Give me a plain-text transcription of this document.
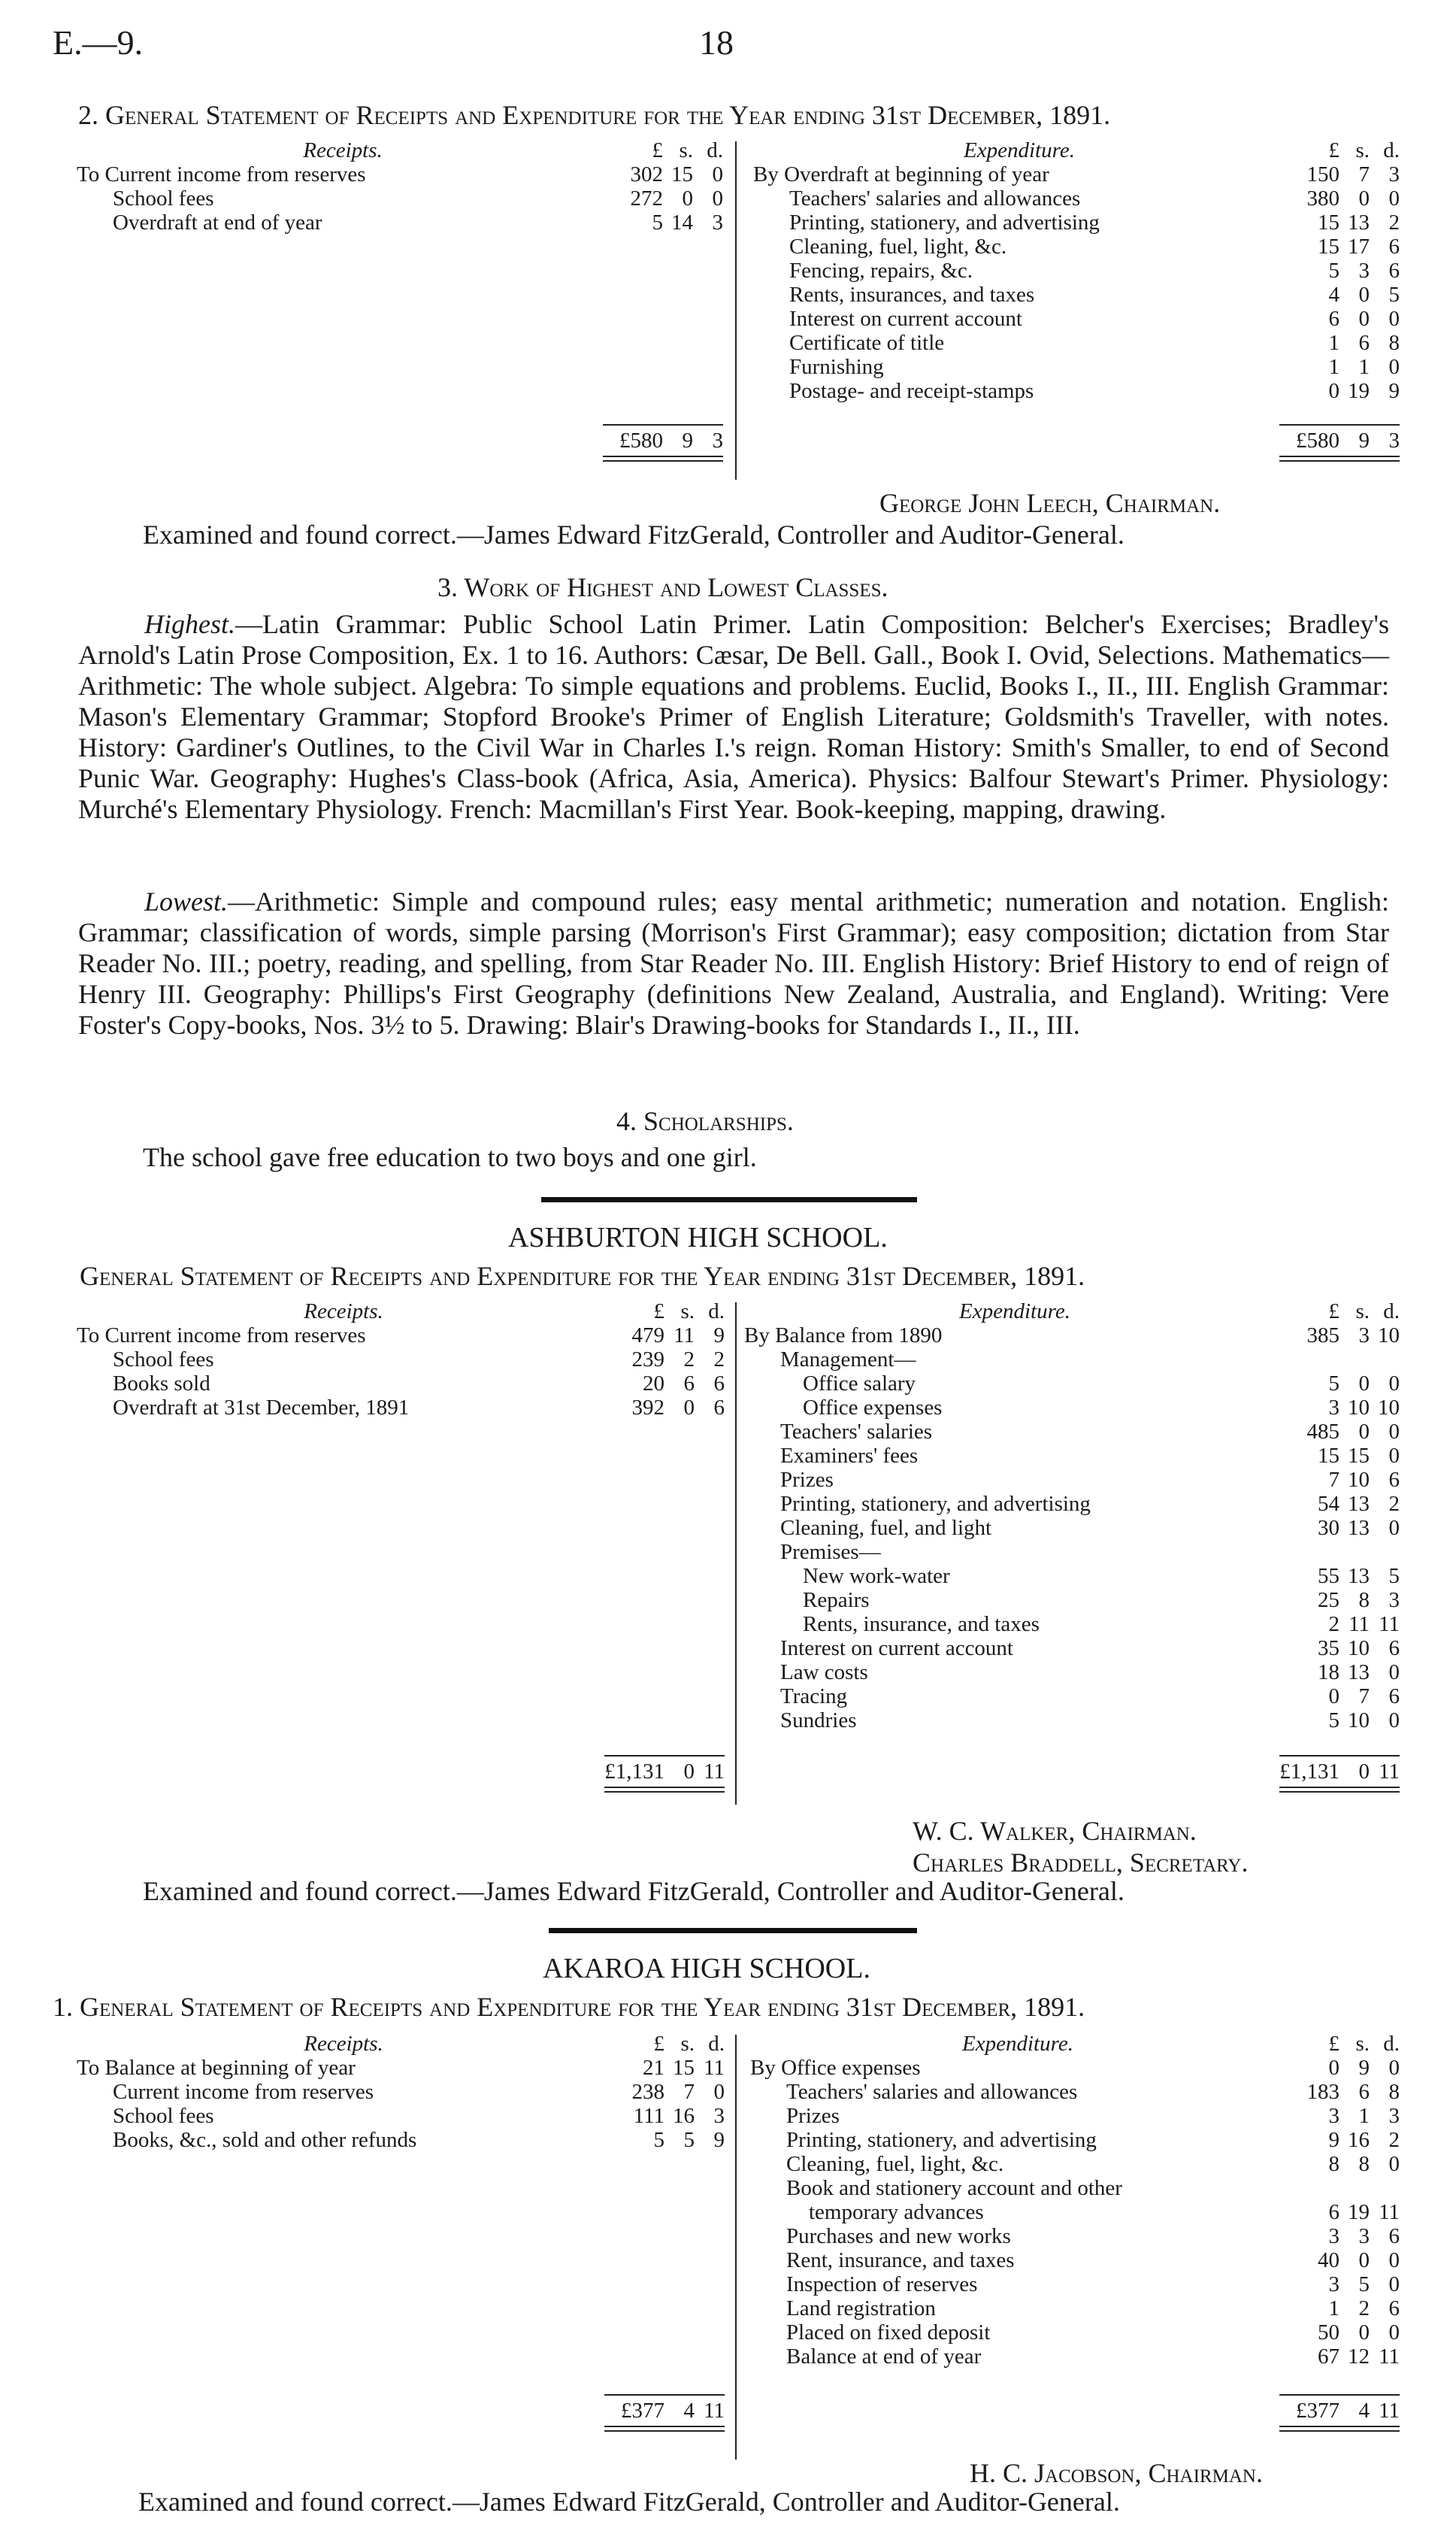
E.—9.	18
2. General Statement of Receipts and Expenditure for the Year ending 31st December, 1891.
Receipts.	£ s. d.
To Current income from reserves	302 15 0
School fees	272 0 0
Overdraft at end of year	5 14 3
£580 9 3
Expenditure.	£ s. d.
By Overdraft at beginning of year	150 7 3
Teachers' salaries and allowances	380 0 0
Printing, stationery, and advertising	15 13 2
Cleaning, fuel, light, &c.	15 17 6
Fencing, repairs, &c.	5 3 6
Rents, insurances, and taxes	4 0 5
Interest on current account	6 0 0
Certificate of title	1 6 8
Furnishing	1 1 0
Postage- and receipt-stamps	0 19 9
£580 9 3
George John Leech, Chairman.
Examined and found correct.—James Edward FitzGerald, Controller and Auditor-General.
3. Work of Highest and Lowest Classes.
Highest.—Latin Grammar: Public School Latin Primer. Latin Composition: Belcher's Exercises; Bradley's Arnold's Latin Prose Composition, Ex. 1 to 16. Authors: Cæsar, De Bell. Gall., Book I. Ovid, Selections. Mathematics—Arithmetic: The whole subject. Algebra: To simple equations and problems. Euclid, Books I., II., III. English Grammar: Mason's Elementary Grammar; Stopford Brooke's Primer of English Literature; Goldsmith's Traveller, with notes. History: Gardiner's Outlines, to the Civil War in Charles I.'s reign. Roman History: Smith's Smaller, to end of Second Punic War. Geography: Hughes's Class-book (Africa, Asia, America). Physics: Balfour Stewart's Primer. Physiology: Murché's Elementary Physiology. French: Macmillan's First Year. Book-keeping, mapping, drawing.
Lowest.—Arithmetic: Simple and compound rules; easy mental arithmetic; numeration and notation. English: Grammar; classification of words, simple parsing (Morrison's First Grammar); easy composition; dictation from Star Reader No. III.; poetry, reading, and spelling, from Star Reader No. III. English History: Brief History to end of reign of Henry III. Geography: Phillips's First Geography (definitions New Zealand, Australia, and England). Writing: Vere Foster's Copy-books, Nos. 3½ to 5. Drawing: Blair's Drawing-books for Standards I., II., III.
4. Scholarships.
The school gave free education to two boys and one girl.
ASHBURTON HIGH SCHOOL.
General Statement of Receipts and Expenditure for the Year ending 31st December, 1891.
Receipts.	£ s. d.
To Current income from reserves	479 11 9
School fees	239 2 2
Books sold	20 6 6
Overdraft at 31st December, 1891	392 0 6
£1,131 0 11
Expenditure.	£ s. d.
By Balance from 1890	385 3 10
Management—
Office salary	5 0 0
Office expenses	3 10 10
Teachers' salaries	485 0 0
Examiners' fees	15 15 0
Prizes	7 10 6
Printing, stationery, and advertising	54 13 2
Cleaning, fuel, and light	30 13 0
Premises—
New work-water	55 13 5
Repairs	25 8 3
Rents, insurance, and taxes	2 11 11
Interest on current account	35 10 6
Law costs	18 13 0
Tracing	0 7 6
Sundries	5 10 0
£1,131 0 11
W. C. Walker, Chairman.
Charles Braddell, Secretary.
Examined and found correct.—James Edward FitzGerald, Controller and Auditor-General.
AKAROA HIGH SCHOOL.
1. General Statement of Receipts and Expenditure for the Year ending 31st December, 1891.
Receipts.	£ s. d.
To Balance at beginning of year	21 15 11
Current income from reserves	238 7 0
School fees	111 16 3
Books, &c., sold and other refunds	5 5 9
£377 4 11
Expenditure.	£ s. d.
By Office expenses	0 9 0
Teachers' salaries and allowances	183 6 8
Prizes	3 1 3
Printing, stationery, and advertising	9 16 2
Cleaning, fuel, light, &c.	8 8 0
Book and stationery account and other
temporary advances	6 19 11
Purchases and new works	3 3 6
Rent, insurance, and taxes	40 0 0
Inspection of reserves	3 5 0
Land registration	1 2 6
Placed on fixed deposit	50 0 0
Balance at end of year	67 12 11
£377 4 11
H. C. Jacobson, Chairman.
Examined and found correct.—James Edward FitzGerald, Controller and Auditor-General.
